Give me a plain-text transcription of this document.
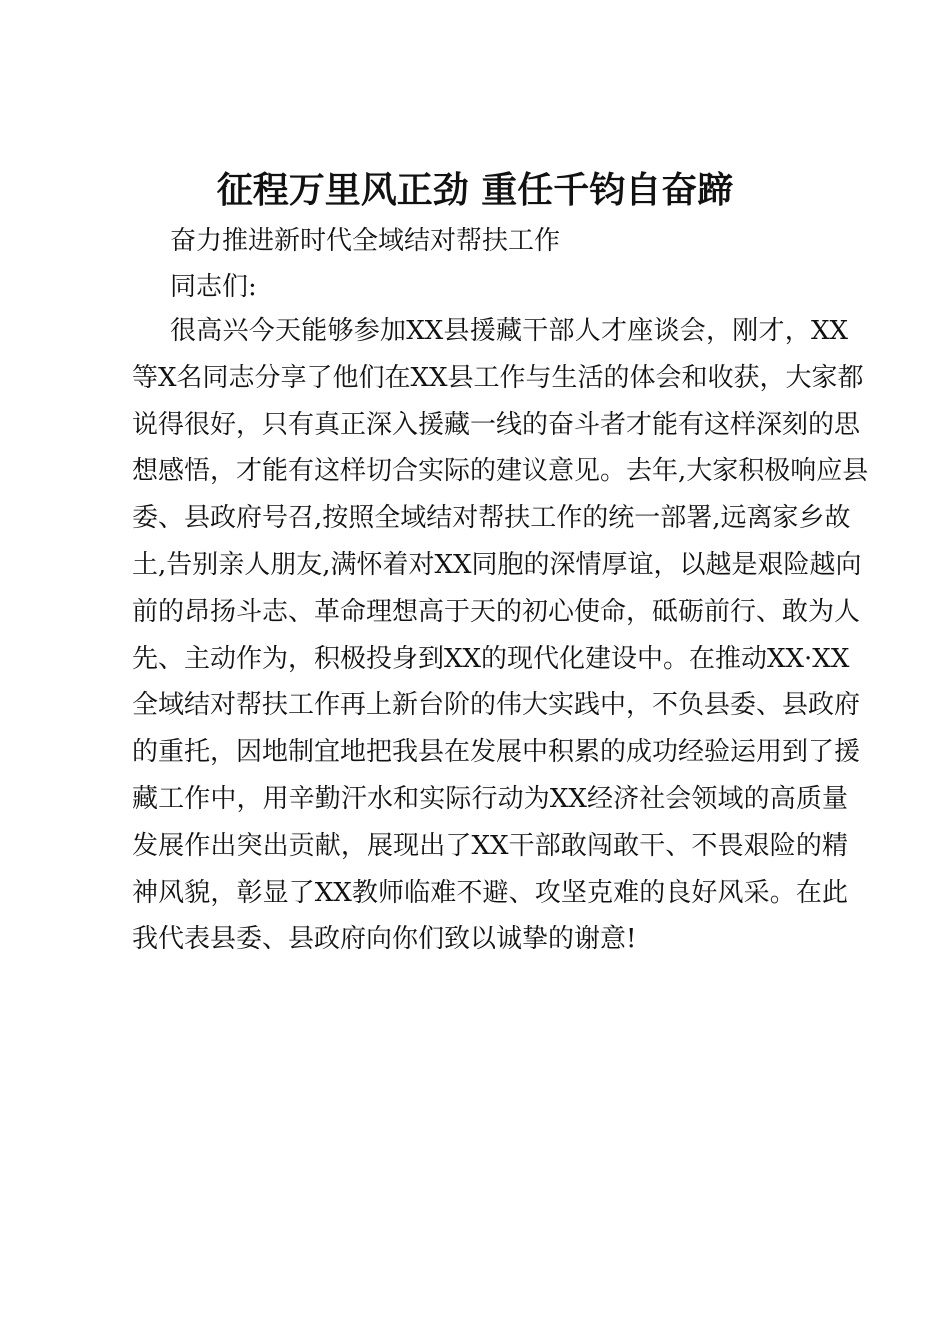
征程万里风正劲 重任千钧自奋蹄
奋力推进新时代全域结对帮扶工作
同志们:
很高兴今天能够参加XX县援藏干部人才座谈会，刚才，XX
等X名同志分享了他们在XX县工作与生活的体会和收获，大家都
说得很好，只有真正深入援藏一线的奋斗者才能有这样深刻的思
想感悟，才能有这样切合实际的建议意见。去年,大家积极响应县
委、县政府号召,按照全域结对帮扶工作的统一部署,远离家乡故
土,告别亲人朋友,满怀着对XX同胞的深情厚谊，以越是艰险越向
前的昂扬斗志、革命理想高于天的初心使命，砥砺前行、敢为人
先、主动作为，积极投身到XX的现代化建设中。在推动XX·XX
全域结对帮扶工作再上新台阶的伟大实践中，不负县委、县政府
的重托，因地制宜地把我县在发展中积累的成功经验运用到了援
藏工作中，用辛勤汗水和实际行动为XX经济社会领域的高质量
发展作出突出贡献，展现出了XX干部敢闯敢干、不畏艰险的精
神风貌，彰显了XX教师临难不避、攻坚克难的良好风采。在此
我代表县委、县政府向你们致以诚挚的谢意!
